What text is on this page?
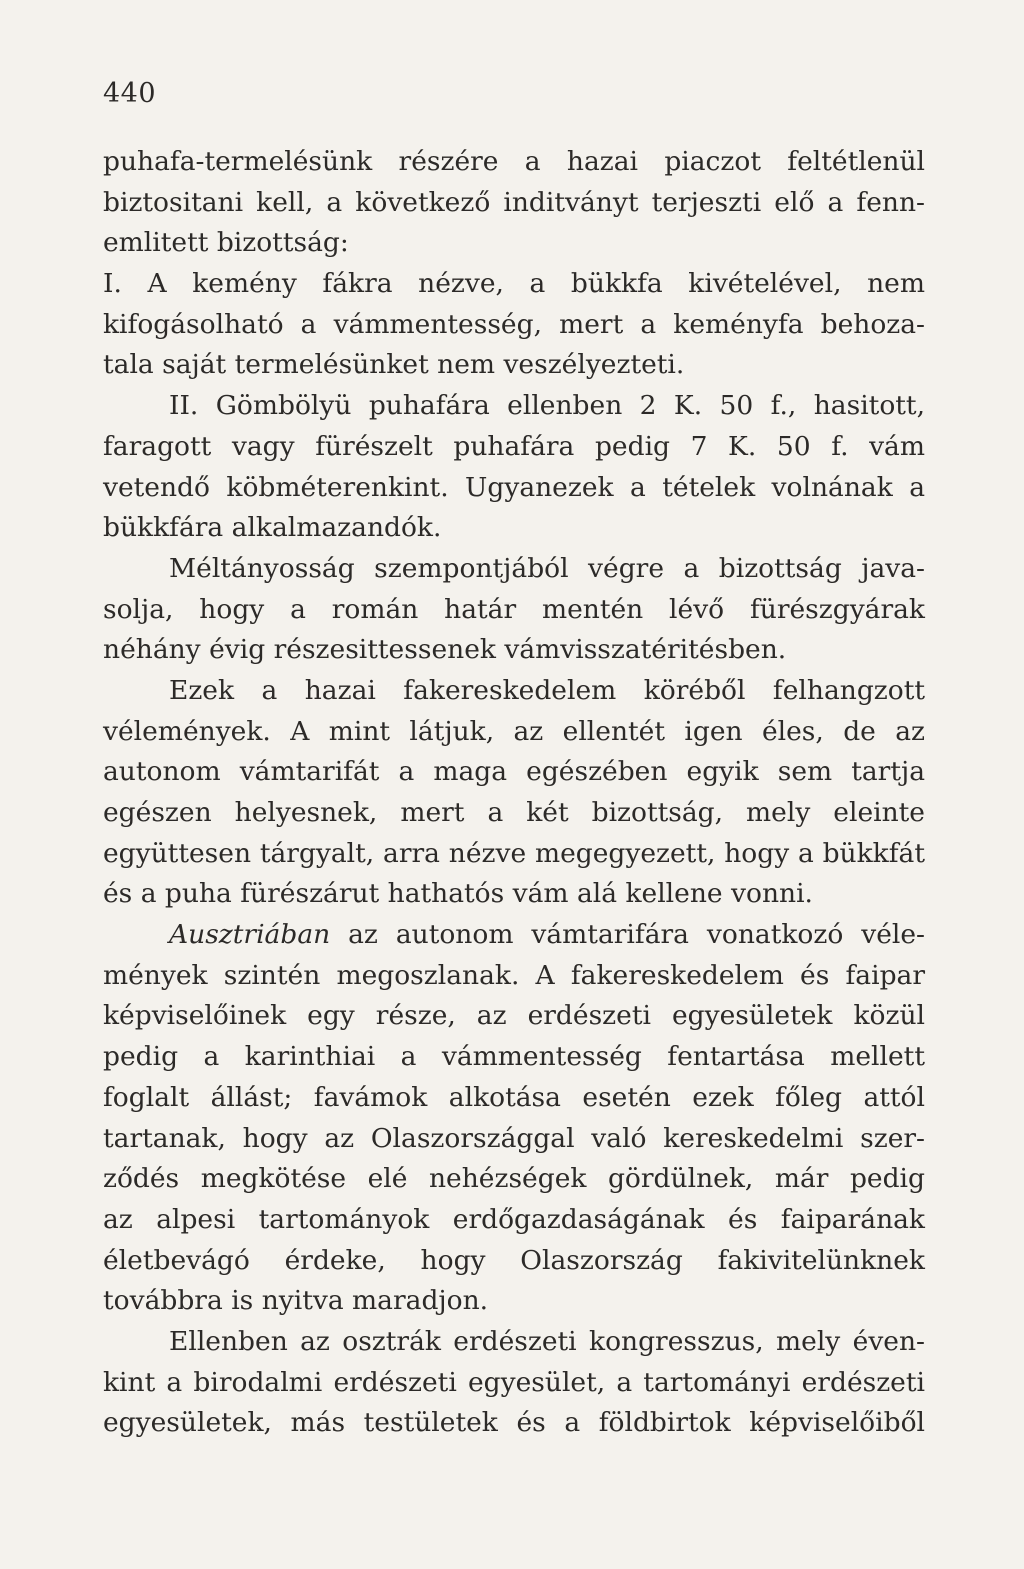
440
puhafa-termelésünk részére a hazai piaczot feltétlenül
biztositani kell, a következő inditványt terjeszti elő a fenn-
emlitett bizottság:
I. A kemény fákra nézve, a bükkfa kivételével, nem
kifogásolható a vámmentesség, mert a keményfa behoza-
tala saját termelésünket nem veszélyezteti.
II. Gömbölyü puhafára ellenben 2 K. 50 f., hasitott,
faragott vagy fürészelt puhafára pedig 7 K. 50 f. vám
vetendő köbméterenkint. Ugyanezek a tételek volnának a
bükkfára alkalmazandók.
Méltányosság szempontjából végre a bizottság java-
solja, hogy a román határ mentén lévő fürészgyárak
néhány évig részesittessenek vámvisszatéritésben.
Ezek a hazai fakereskedelem köréből felhangzott
vélemények. A mint látjuk, az ellentét igen éles, de az
autonom vámtarifát a maga egészében egyik sem tartja
egészen helyesnek, mert a két bizottság, mely eleinte
együttesen tárgyalt, arra nézve megegyezett, hogy a bükkfát
és a puha fürészárut hathatós vám alá kellene vonni.
Ausztriában az autonom vámtarifára vonatkozó véle-
mények szintén megoszlanak. A fakereskedelem és faipar
képviselőinek egy része, az erdészeti egyesületek közül
pedig a karinthiai a vámmentesség fentartása mellett
foglalt állást; favámok alkotása esetén ezek főleg attól
tartanak, hogy az Olaszországgal való kereskedelmi szer-
ződés megkötése elé nehézségek gördülnek, már pedig
az alpesi tartományok erdőgazdaságának és faiparának
életbevágó érdeke, hogy Olaszország fakivitelünknek
továbbra is nyitva maradjon.
Ellenben az osztrák erdészeti kongresszus, mely éven-
kint a birodalmi erdészeti egyesület, a tartományi erdészeti
egyesületek, más testületek és a földbirtok képviselőiből
